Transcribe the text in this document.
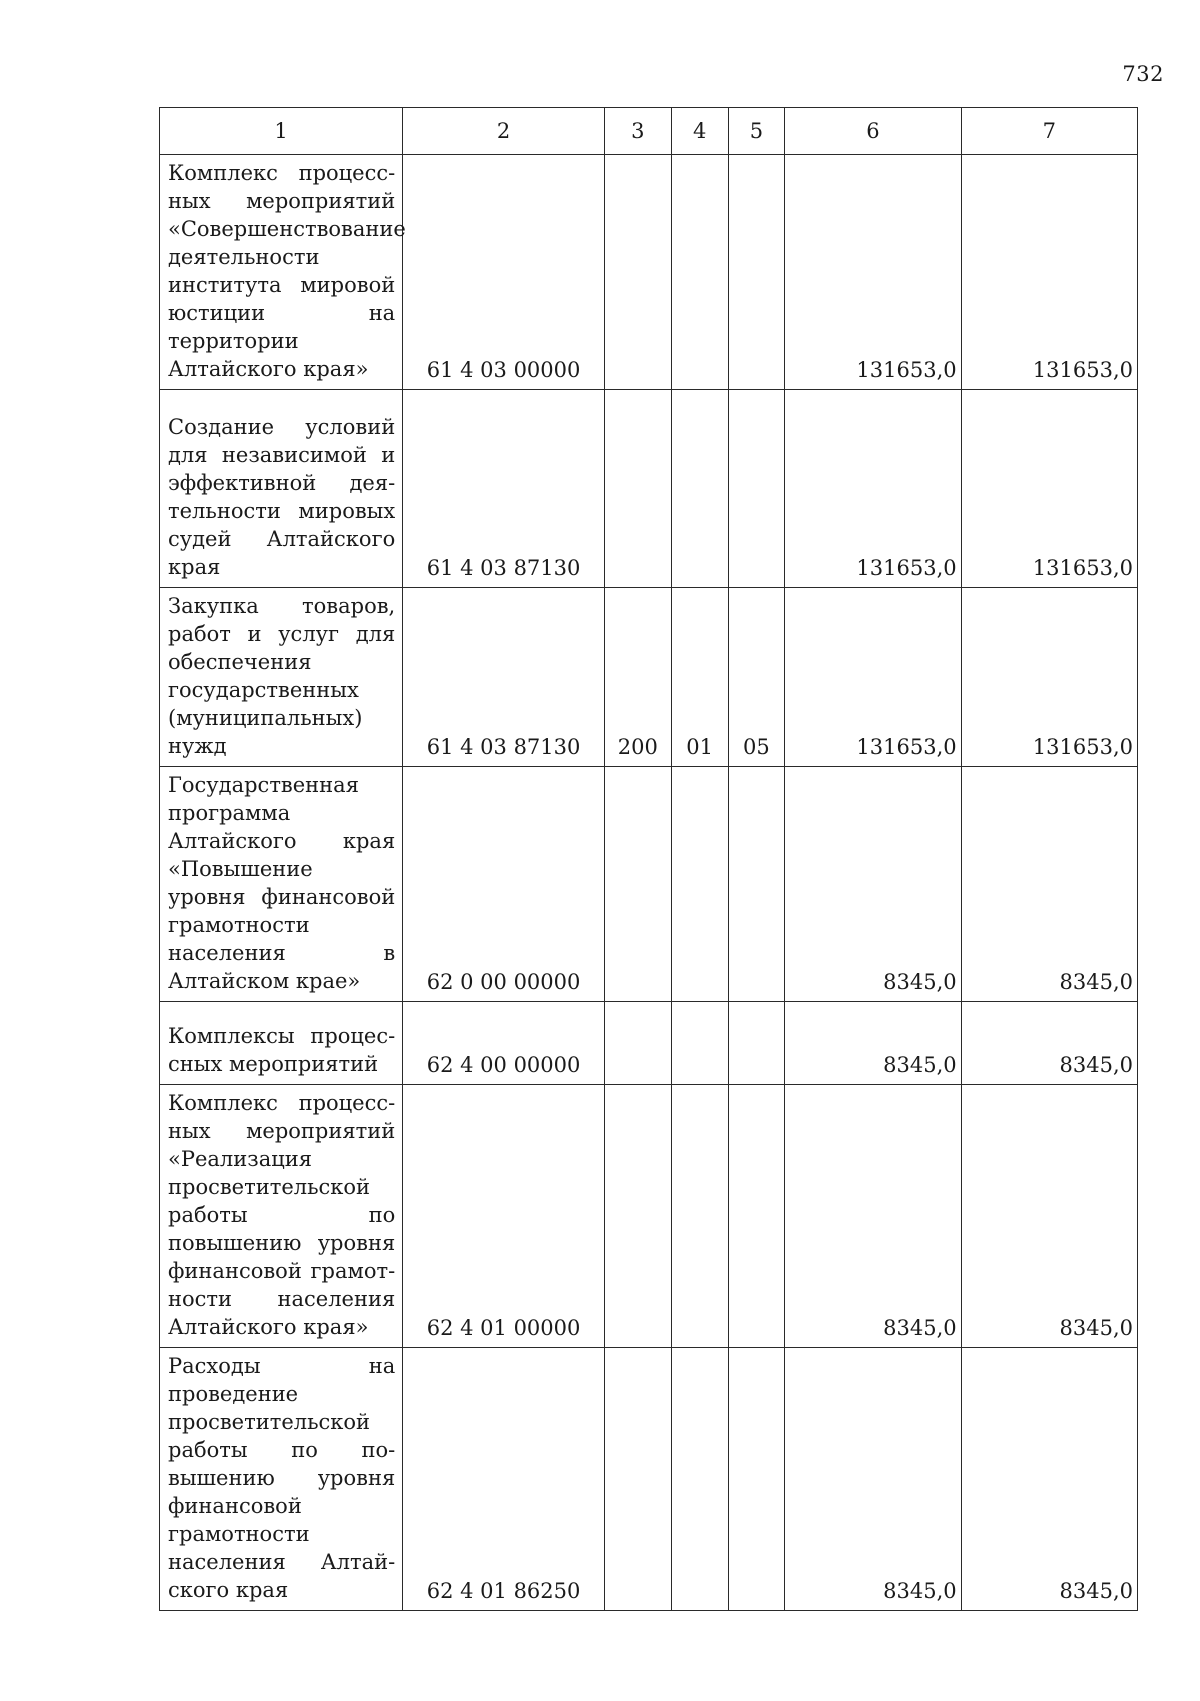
732
1	2	3	4	5	6	7
Комплекс процессных мероприятий «Совершенствование деятельности института мировой юстиции на территории Алтайского края»	61 4 03 00000				131653,0	131653,0
Создание условий для независимой и эффективной деятельности мировых судей Алтайского края	61 4 03 87130				131653,0	131653,0
Закупка товаров, работ и услуг для обеспечения государственных (муниципальных) нужд	61 4 03 87130	200	01	05	131653,0	131653,0
Государственная программа Алтайского края «Повышение уровня финансовой грамотности населения в Алтайском крае»	62 0 00 00000				8345,0	8345,0
Комплексы процессных мероприятий	62 4 00 00000				8345,0	8345,0
Комплекс процессных мероприятий «Реализация просветительской работы по повышению уровня финансовой грамотности населения Алтайского края»	62 4 01 00000				8345,0	8345,0
Расходы на проведение просветительской работы по повышению уровня финансовой грамотности населения Алтайского края	62 4 01 86250				8345,0	8345,0
